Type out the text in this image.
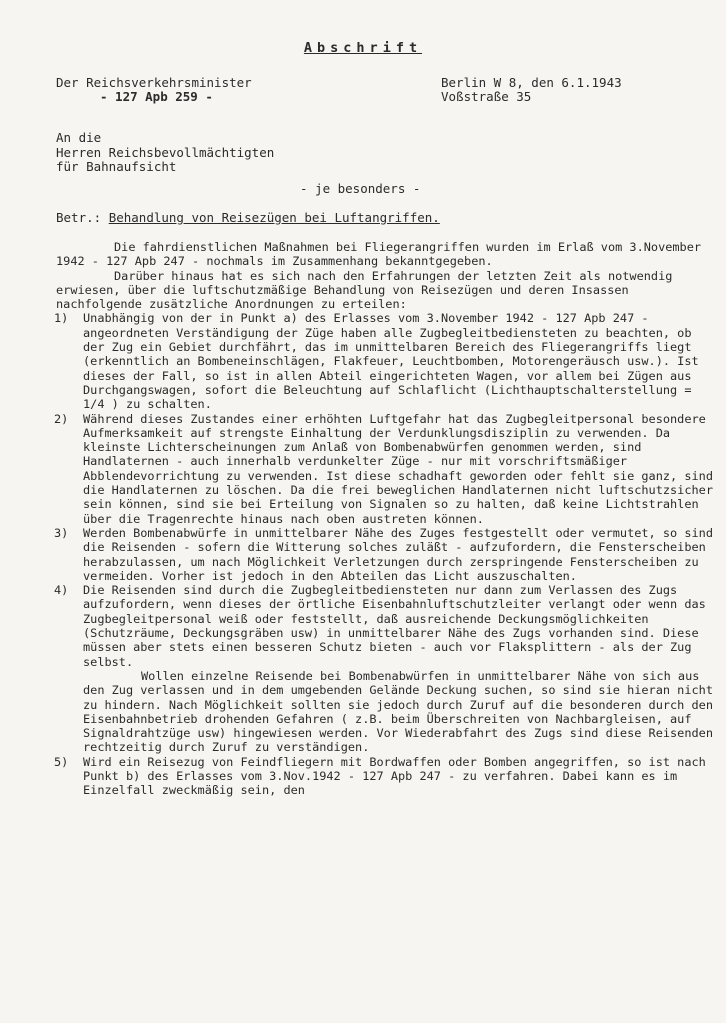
Abschrift
Der Reichsverkehrsminister
- 127 Apb 259 -
Berlin W 8, den 6.1.1943
Voßstraße 35
An die
Herren Reichsbevollmächtigten
für Bahnaufsicht
- je besonders -
Betr.: Behandlung von Reisezügen bei Luftangriffen.

Die fahrdienstlichen Maßnahmen bei Fliegerangriffen wurden im Erlaß vom 3.November 1942 - 127 Apb 247 - nochmals im Zusammenhang bekanntgegeben.

Darüber hinaus hat es sich nach den Erfahrungen der letzten Zeit als notwendig erwiesen, über die luftschutzmäßige Behandlung von Reisezügen und deren Insassen nachfolgende zusätzliche Anordnungen zu erteilen:

1) Unabhängig von der in Punkt a) des Erlasses vom 3.November 1942 - 127 Apb 247 - angeordneten Verständigung der Züge haben alle Zugbegleitbediensteten zu beachten, ob der Zug ein Gebiet durchfährt, das im unmittelbaren Bereich des Fliegerangriffs liegt (erkenntlich an Bombeneinschlägen, Flakfeuer, Leuchtbomben, Motorengeräusch usw.). Ist dieses der Fall, so ist in allen Abteil eingerichteten Wagen, vor allem bei Zügen aus Durchgangswagen, sofort die Beleuchtung auf Schlaflicht (Lichthauptschalterstellung = 1/4 ) zu schalten.

2) Während dieses Zustandes einer erhöhten Luftgefahr hat das Zugbegleitpersonal besondere Aufmerksamkeit auf strengste Einhaltung der Verdunklungsdisziplin zu verwenden. Da kleinste Lichterscheinungen zum Anlaß von Bombenabwürfen genommen werden, sind Handlaternen - auch innerhalb verdunkelter Züge - nur mit vorschriftsmäßiger Abblendevorrichtung zu verwenden. Ist diese schadhaft geworden oder fehlt sie ganz, sind die Handlaternen zu löschen. Da die frei beweglichen Handlaternen nicht luftschutzsicher sein können, sind sie bei Erteilung von Signalen so zu halten, daß keine Lichtstrahlen über die Tragenrechte hinaus nach oben austreten können.

3) Werden Bombenabwürfe in unmittelbarer Nähe des Zuges festgestellt oder vermutet, so sind die Reisenden - sofern die Witterung solches zuläßt - aufzufordern, die Fensterscheiben herabzulassen, um nach Möglichkeit Verletzungen durch zerspringende Fensterscheiben zu vermeiden. Vorher ist jedoch in den Abteilen das Licht auszuschalten.

4) Die Reisenden sind durch die Zugbegleitbediensteten nur dann zum Verlassen des Zugs aufzufordern, wenn dieses der örtliche Eisenbahnluftschutzleiter verlangt oder wenn das Zugbegleitpersonal weiß oder feststellt, daß ausreichende Deckungsmöglichkeiten (Schutzräume, Deckungsgräben usw) in unmittelbarer Nähe des Zugs vorhanden sind. Diese müssen aber stets einen besseren Schutz bieten - auch vor Flaksplittern - als der Zug selbst.

Wollen einzelne Reisende bei Bombenabwürfen in unmittelbarer Nähe von sich aus den Zug verlassen und in dem umgebenden Gelände Deckung suchen, so sind sie hieran nicht zu hindern. Nach Möglichkeit sollten sie jedoch durch Zuruf auf die besonderen durch den Eisenbahnbetrieb drohenden Gefahren ( z.B. beim Überschreiten von Nachbargleisen, auf Signaldrahtzüge usw) hingewiesen werden. Vor Wiederabfahrt des Zugs sind diese Reisenden rechtzeitig durch Zuruf zu verständigen.

5) Wird ein Reisezug von Feindfliegern mit Bordwaffen oder Bomben angegriffen, so ist nach Punkt b) des Erlasses vom 3.Nov.1942 - 127 Apb 247 - zu verfahren. Dabei kann es im Einzelfall zweckmäßig sein, den
